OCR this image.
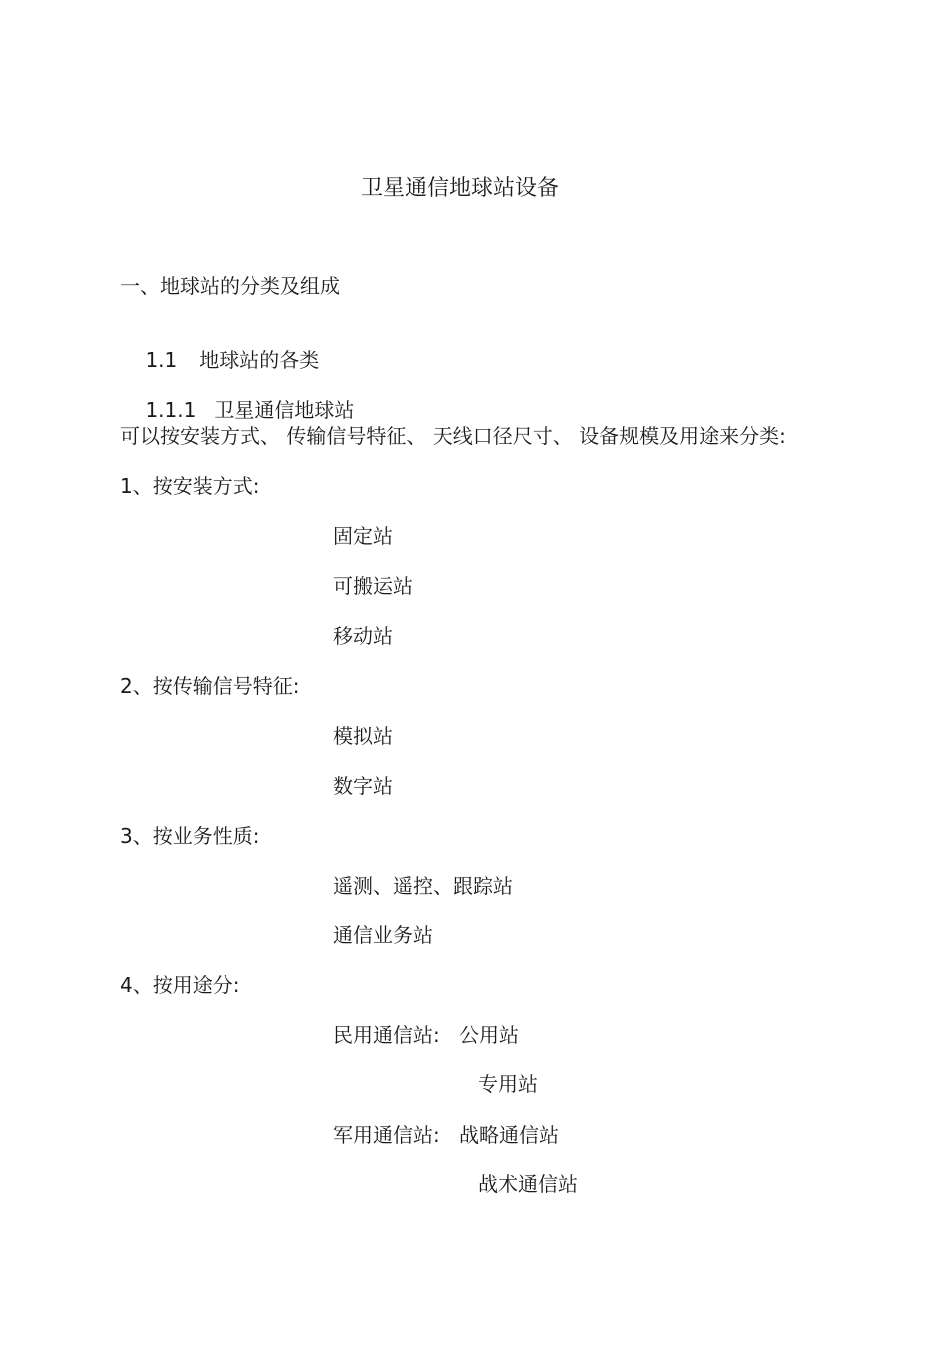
卫星通信地球站设备
一、地球站的分类及组成

1.1 地球站的各类

1.1.1 卫星通信地球站

可以按安装方式、 传输信号特征、 天线口径尺寸、 设备规模及用途来分类:
1、按安装方式:
固定站
可搬运站
移动站
2、按传输信号特征:
模拟站
数字站
3、按业务性质:
遥测、遥控、跟踪站
通信业务站
4、按用途分:
民用通信站: 公用站
专用站
军用通信站: 战略通信站
战术通信站
